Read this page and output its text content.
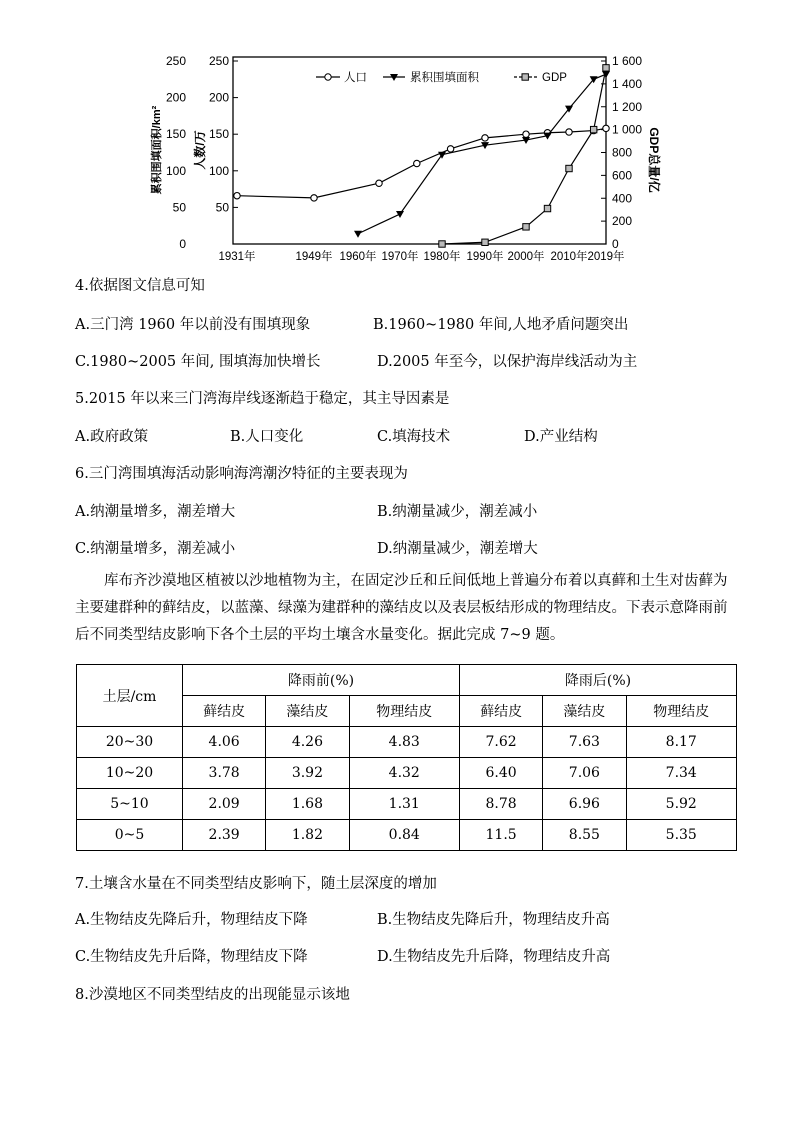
0
50
100
150
200
250
0
200
400
600
800
1 000
1 200
1 400
1 600
50
100
150
200
250
累积围填面积/km²	人数/万	GDP总量/亿
1931年	1949年 1960年 1970年 1980年 1990年 2000年 2010年 2019年
人口	累积围填面积	GDP
4.依据图文信息可知
A.三门湾 1960 年以前没有围填现象	B.1960~1980 年间,人地矛盾问题突出
C.1980~2005 年间, 围填海加快增长	D.2005 年至今，以保护海岸线活动为主
5.2015 年以来三门湾海岸线逐渐趋于稳定，其主导因素是
A.政府政策	B.人口变化	C.填海技术	D.产业结构
6.三门湾围填海活动影响海湾潮汐特征的主要表现为
A.纳潮量增多，潮差增大	B.纳潮量减少，潮差减小
C.纳潮量增多，潮差减小	D.纳潮量减少，潮差增大

库布齐沙漠地区植被以沙地植物为主，在固定沙丘和丘间低地上普遍分布着以真藓和土生对齿藓为

主要建群种的藓结皮，以蓝藻、绿藻为建群种的藻结皮以及表层板结形成的物理结皮。下表示意降雨前

后不同类型结皮影响下各个土层的平均土壤含水量变化。据此完成 7~9 题。

土层/cm	降雨前(%)			降雨后(%)		
	藓结皮	藻结皮	物理结皮	藓结皮	藻结皮	物理结皮
20~30	4.06	4.26	4.83	7.62	7.63	8.17
10~20	3.78	3.92	4.32	6.40	7.06	7.34
5~10	2.09	1.68	1.31	8.78	6.96	5.92
0~5	2.39	1.82	0.84	11.5	8.55	5.35
7.土壤含水量在不同类型结皮影响下，随土层深度的增加
A.生物结皮先降后升，物理结皮下降	B.生物结皮先降后升，物理结皮升高
C.生物结皮先升后降，物理结皮下降	D.生物结皮先升后降，物理结皮升高
8.沙漠地区不同类型结皮的出现能显示该地
